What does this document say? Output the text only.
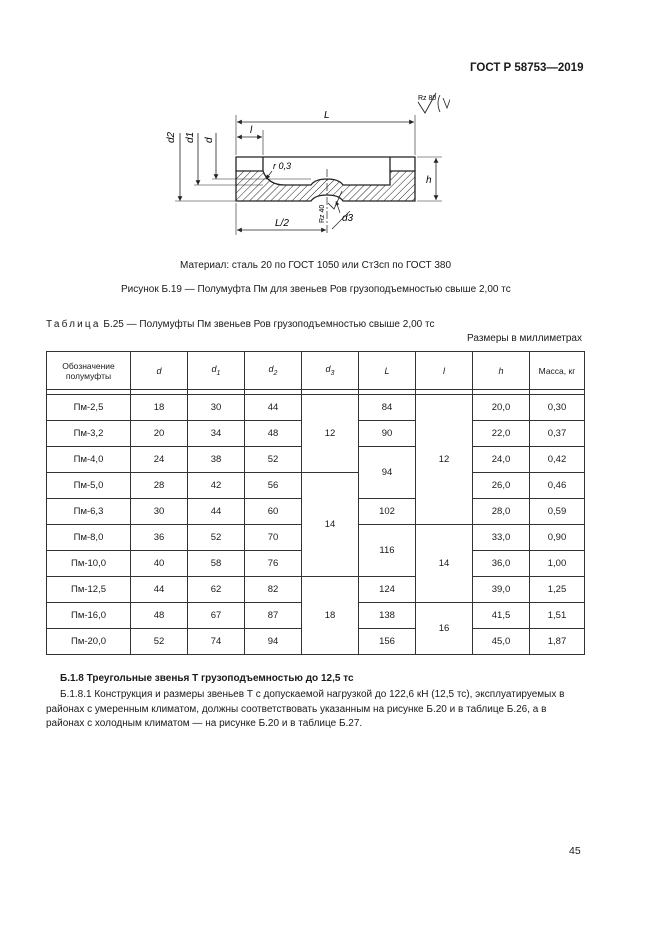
ГОСТ Р 58753—2019
d2 d1 d
L
l
r 0,3
h
d3
Rz 40
L/2
Rz 80
Материал: сталь 20 по ГОСТ 1050 или Ст3сп по ГОСТ 380
Рисунок Б.19 — Полумуфта Пм для звеньев Ров грузоподъемностью свыше 2,00 тс
Таблица Б.25 — Полумуфты Пм звеньев Ров грузоподъемностью свыше 2,00 тс
Размеры в миллиметрах
Обозначение полумуфты	d	$d_1$	$d_2$	$d_3$	L	l	h	Масса, кг

Пм-2,5	18	30	44	12	84	12	20,0	0,30
Пм-3,2	20	34	48		90		22,0	0,37
Пм-4,0	24	38	52		94		24,0	0,42
Пм-5,0	28	42	56	14			26,0	0,46
Пм-6,3	30	44	60		102		28,0	0,59
Пм-8,0	36	52	70		116	14	33,0	0,90
Пм-10,0	40	58	76				36,0	1,00
Пм-12,5	44	62	82	18	124		39,0	1,25
Пм-16,0	48	67	87		138	16	41,5	1,51
Пм-20,0	52	74	94		156		45,0	1,87
Б.1.8 Треугольные звенья Т грузоподъемностью до 12,5 тс
Б.1.8.1 Конструкция и размеры звеньев Т с допускаемой нагрузкой до 122,6 кН (12,5 тс), эксплуатируемых в районах с умеренным климатом, должны соответствовать указанным на рисунке Б.20 и в таблице Б.26, а в районах с холодным климатом — на рисунке Б.20 и в таблице Б.27.
45
